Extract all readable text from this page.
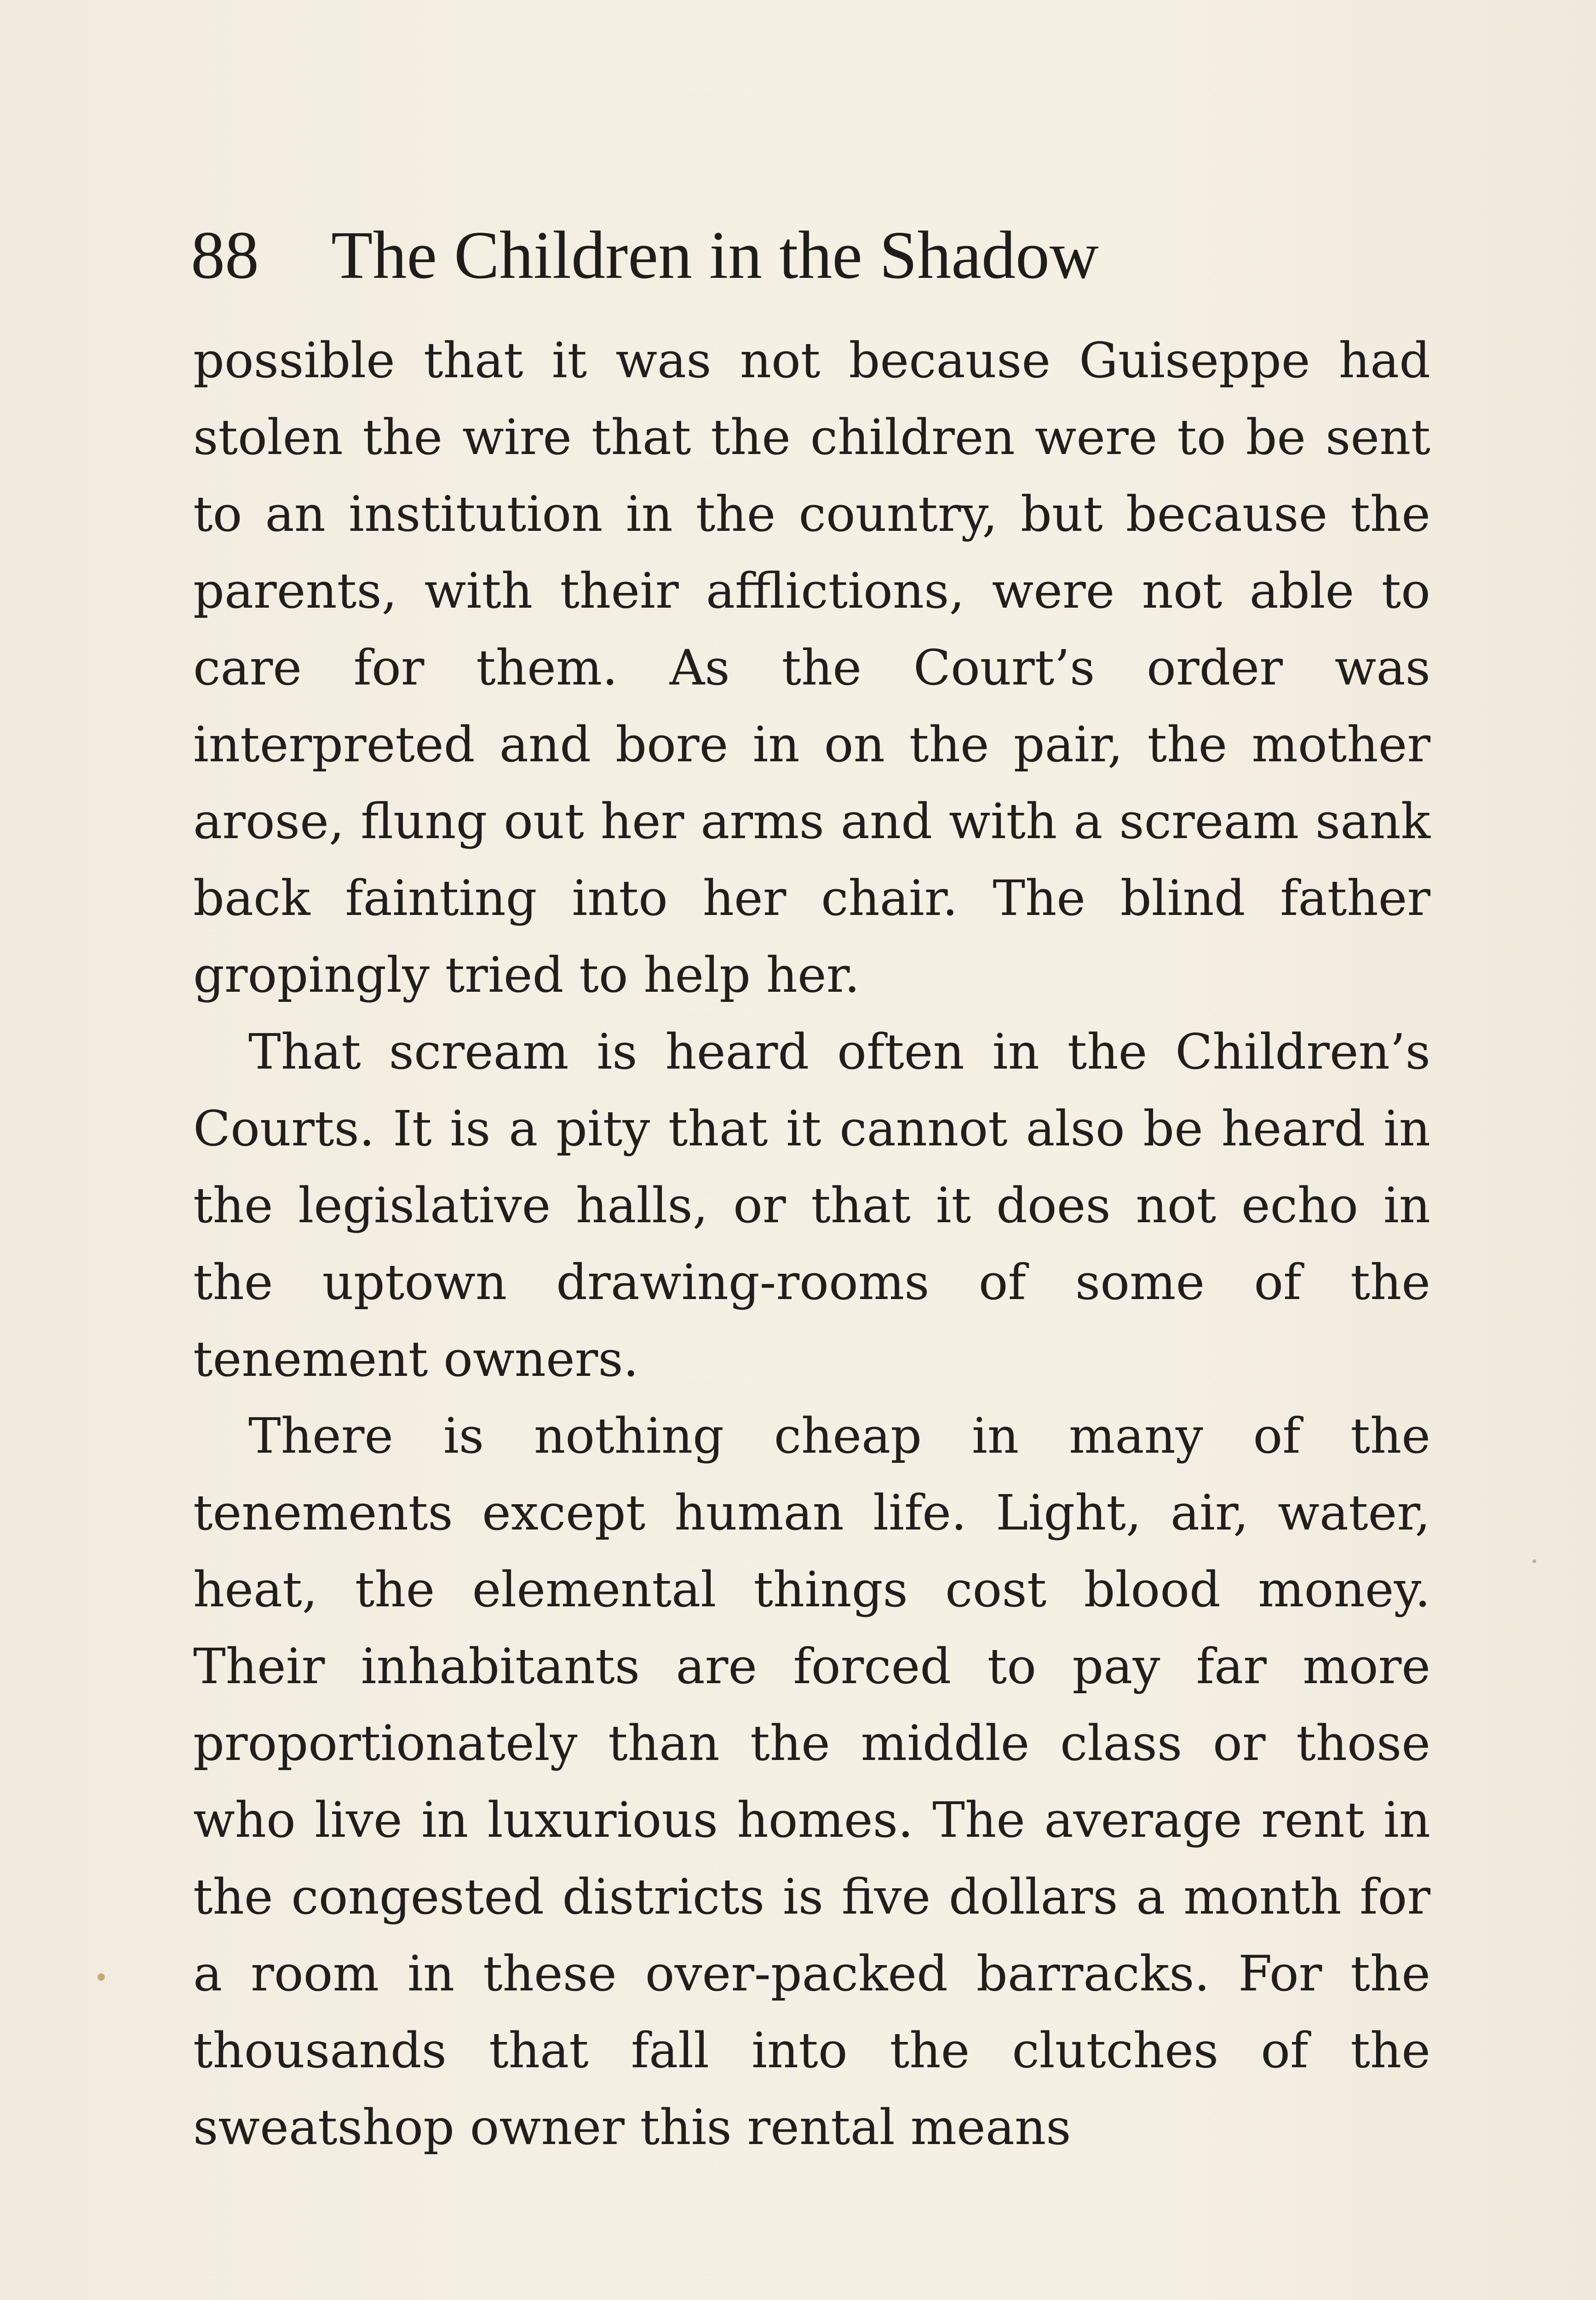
88 The Children in the Shadow

possible that it was not because Guiseppe had stolen the wire that the children were to be sent to an institution in the country, but because the parents, with their afflictions, were not able to care for them. As the Court’s order was interpreted and bore in on the pair, the mother arose, flung out her arms and with a scream sank back fainting into her chair. The blind father gropingly tried to help her.

That scream is heard often in the Children’s Courts. It is a pity that it cannot also be heard in the legislative halls, or that it does not echo in the uptown drawing-rooms of some of the tenement owners.

There is nothing cheap in many of the tenements except human life. Light, air, water, heat, the elemental things cost blood money. Their inhabitants are forced to pay far more proportionately than the middle class or those who live in luxurious homes. The average rent in the congested districts is five dollars a month for a room in these over-packed barracks. For the thousands that fall into the clutches of the sweatshop owner this rental means
